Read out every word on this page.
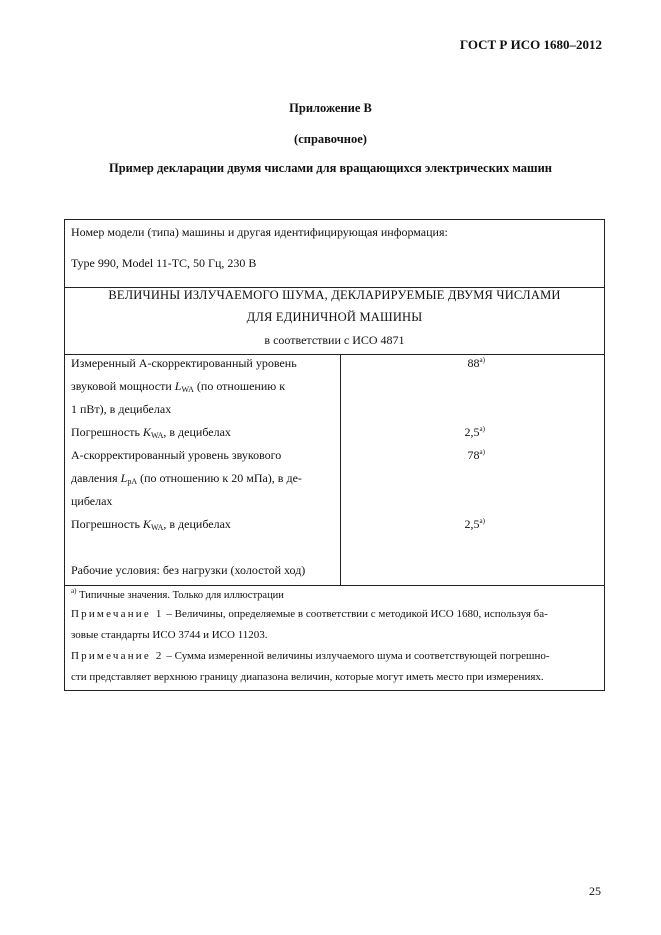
ГОСТ Р ИСО 1680–2012
Приложение В
(справочное)
Пример декларации двумя числами для вращающихся электрических машин
Номер модели (типа) машины и другая идентифицирующая информация:
Type 990, Model 11-TC, 50 Гц, 230 В
ВЕЛИЧИНЫ ИЗЛУЧАЕМОГО ШУМА, ДЕКЛАРИРУЕМЫЕ ДВУМЯ ЧИСЛАМИ
ДЛЯ ЕДИНИЧНОЙ МАШИНЫ
в соответствии с ИСО 4871
Измеренный А-скорректированный уровень
звуковой мощности $L_{WA}$ (по отношению к
1 пВт), в децибелах
88$^{a)}$
Погрешность $K_{WA}$, в децибелах	2,5$^{a)}$
А-скорректированный уровень звукового
давления $L_{pA}$ (по отношению к 20 мПа), в де-
цибелах
78$^{a)}$
Погрешность $K_{WA}$, в децибелах	2,5$^{a)}$
Рабочие условия: без нагрузки (холостой ход)
$^{a)}$ Типичные значения. Только для иллюстрации
Примечание 1 – Величины, определяемые в соответствии с методикой ИСО 1680, используя ба-
зовые стандарты ИСО 3744 и ИСО 11203.
Примечание 2 – Сумма измеренной величины излучаемого шума и соответствующей погрешно-
сти представляет верхнюю границу диапазона величин, которые могут иметь место при измерениях.
25
